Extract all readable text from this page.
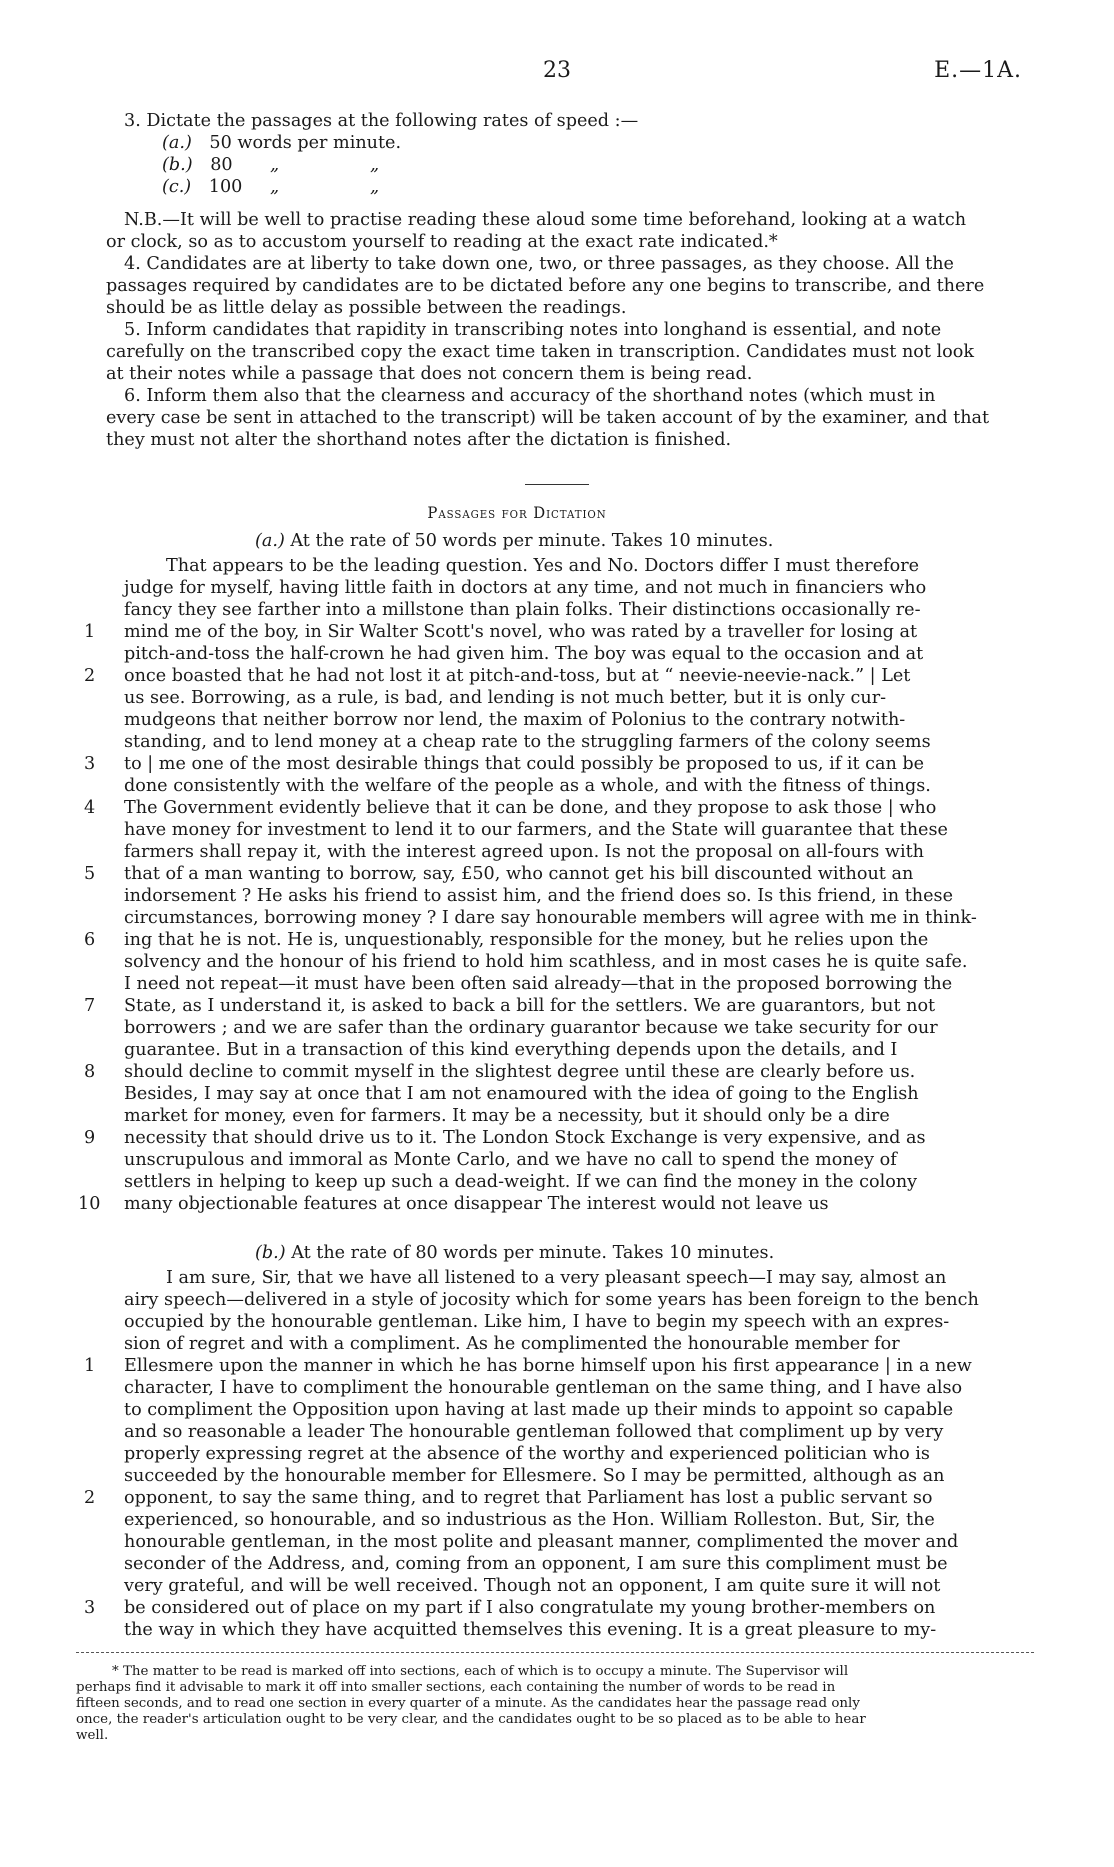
23	E.—1A.
3. Dictate the passages at the following rates of speed :—
(a.) 50 words per minute.
(b.) 80 „	„
(c.) 100 „	„
N.B.—It will be well to practise reading these aloud some time beforehand, looking at a watch
or clock, so as to accustom yourself to reading at the exact rate indicated.*
4. Candidates are at liberty to take down one, two, or three passages, as they choose. All the
passages required by candidates are to be dictated before any one begins to transcribe, and there
should be as little delay as possible between the readings.
5. Inform candidates that rapidity in transcribing notes into longhand is essential, and note
carefully on the transcribed copy the exact time taken in transcription. Candidates must not look
at their notes while a passage that does not concern them is being read.
6. Inform them also that the clearness and accuracy of the shorthand notes (which must in
every case be sent in attached to the transcript) will be taken account of by the examiner, and that
they must not alter the shorthand notes after the dictation is finished.
Passages for Dictation
(a.) At the rate of 50 words per minute. Takes 10 minutes.
That appears to be the leading question. Yes and No. Doctors differ I must therefore
judge for myself, having little faith in doctors at any time, and not much in financiers who
fancy they see farther into a millstone than plain folks. Their distinctions occasionally re-
mind me of the boy, in Sir Walter Scott's novel, who was rated by a traveller for losing at
pitch-and-toss the half-crown he had given him. The boy was equal to the occasion and at
once boasted that he had not lost it at pitch-and-toss, but at “ neevie-neevie-nack.” | Let
us see. Borrowing, as a rule, is bad, and lending is not much better, but it is only cur-
mudgeons that neither borrow nor lend, the maxim of Polonius to the contrary notwith-
standing, and to lend money at a cheap rate to the struggling farmers of the colony seems
to | me one of the most desirable things that could possibly be proposed to us, if it can be
done consistently with the welfare of the people as a whole, and with the fitness of things.
The Government evidently believe that it can be done, and they propose to ask those | who
have money for investment to lend it to our farmers, and the State will guarantee that these
farmers shall repay it, with the interest agreed upon. Is not the proposal on all-fours with
that of a man wanting to borrow, say, £50, who cannot get his bill discounted without an
indorsement ? He asks his friend to assist him, and the friend does so. Is this friend, in these
circumstances, borrowing money ? I dare say honourable members will agree with me in think-
ing that he is not. He is, unquestionably, responsible for the money, but he relies upon the
solvency and the honour of his friend to hold him scathless, and in most cases he is quite safe.
I need not repeat—it must have been often said already—that in the proposed borrowing the
State, as I understand it, is asked to back a bill for the settlers. We are guarantors, but not
borrowers ; and we are safer than the ordinary guarantor because we take security for our
guarantee. But in a transaction of this kind everything depends upon the details, and I
should decline to commit myself in the slightest degree until these are clearly before us.
Besides, I may say at once that I am not enamoured with the idea of going to the English
market for money, even for farmers. It may be a necessity, but it should only be a dire
necessity that should drive us to it. The London Stock Exchange is very expensive, and as
unscrupulous and immoral as Monte Carlo, and we have no call to spend the money of
settlers in helping to keep up such a dead-weight. If we can find the money in the colony
many objectionable features at once disappear The interest would not leave us
1
2
3
4
5
6
7
8
9
10
(b.) At the rate of 80 words per minute. Takes 10 minutes.
I am sure, Sir, that we have all listened to a very pleasant speech—I may say, almost an
airy speech—delivered in a style of jocosity which for some years has been foreign to the bench
occupied by the honourable gentleman. Like him, I have to begin my speech with an expres-
sion of regret and with a compliment. As he complimented the honourable member for
Ellesmere upon the manner in which he has borne himself upon his first appearance | in a new
character, I have to compliment the honourable gentleman on the same thing, and I have also
to compliment the Opposition upon having at last made up their minds to appoint so capable
and so reasonable a leader The honourable gentleman followed that compliment up by very
properly expressing regret at the absence of the worthy and experienced politician who is
succeeded by the honourable member for Ellesmere. So I may be permitted, although as an
opponent, to say the same thing, and to regret that Parliament has lost a public servant so
experienced, so honourable, and so industrious as the Hon. William Rolleston. But, Sir, the
honourable gentleman, in the most polite and pleasant manner, complimented the mover and
seconder of the Address, and, coming from an opponent, I am sure this compliment must be
very grateful, and will be well received. Though not an opponent, I am quite sure it will not
be considered out of place on my part if I also congratulate my young brother-members on
the way in which they have acquitted themselves this evening. It is a great pleasure to my-
1
2
3
* The matter to be read is marked off into sections, each of which is to occupy a minute. The Supervisor will
perhaps find it advisable to mark it off into smaller sections, each containing the number of words to be read in
fifteen seconds, and to read one section in every quarter of a minute. As the candidates hear the passage read only
once, the reader's articulation ought to be very clear, and the candidates ought to be so placed as to be able to hear
well.
